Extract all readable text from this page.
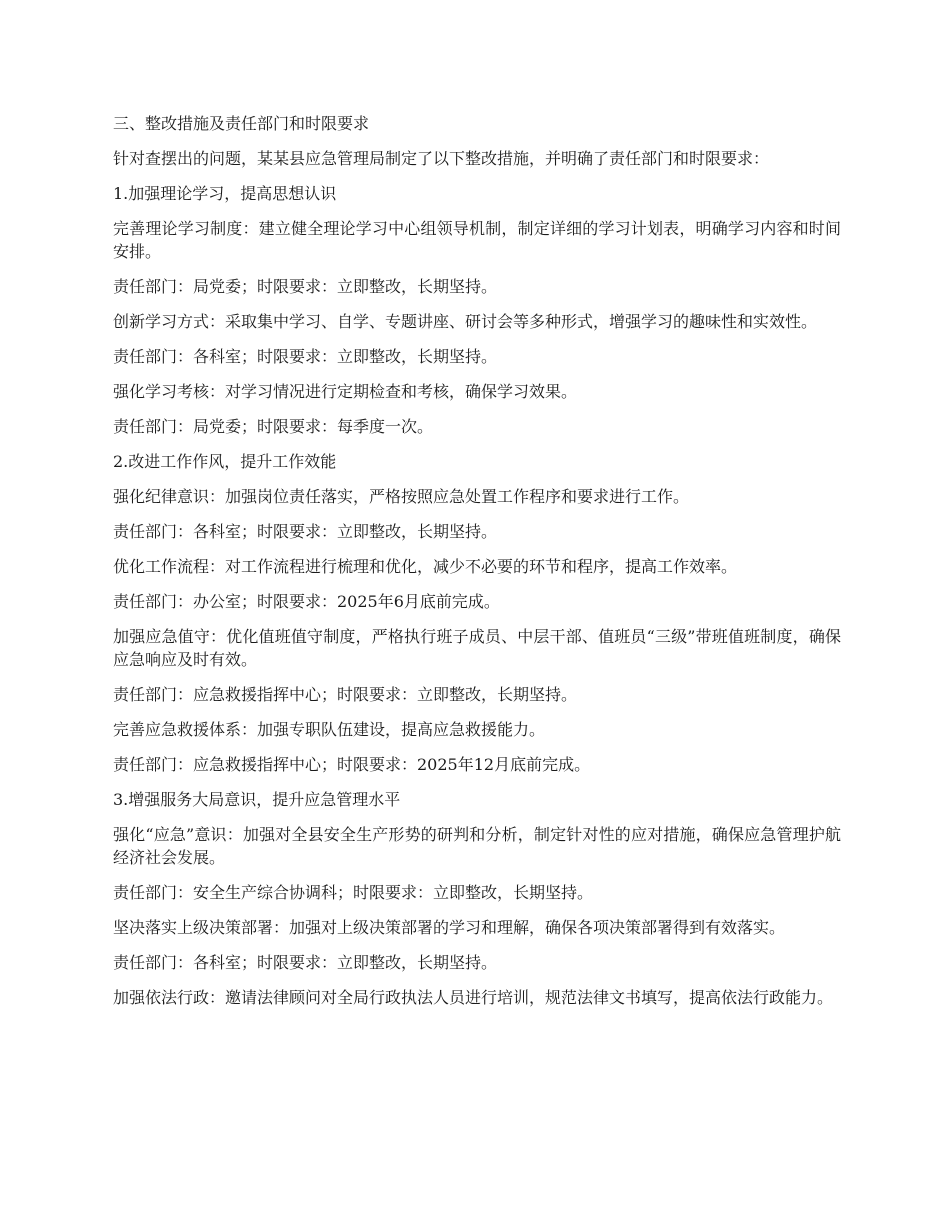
三、整改措施及责任部门和时限要求

针对查摆出的问题，某某县应急管理局制定了以下整改措施，并明确了责任部门和时限要求：

1.加强理论学习，提高思想认识

完善理论学习制度：建立健全理论学习中心组领导机制，制定详细的学习计划表，明确学习内容和时间安排。

责任部门：局党委；时限要求：立即整改，长期坚持。

创新学习方式：采取集中学习、自学、专题讲座、研讨会等多种形式，增强学习的趣味性和实效性。

责任部门：各科室；时限要求：立即整改，长期坚持。

强化学习考核：对学习情况进行定期检查和考核，确保学习效果。

责任部门：局党委；时限要求：每季度一次。

2.改进工作作风，提升工作效能

强化纪律意识：加强岗位责任落实，严格按照应急处置工作程序和要求进行工作。

责任部门：各科室；时限要求：立即整改，长期坚持。

优化工作流程：对工作流程进行梳理和优化，减少不必要的环节和程序，提高工作效率。

责任部门：办公室；时限要求：2025年6月底前完成。

加强应急值守：优化值班值守制度，严格执行班子成员、中层干部、值班员“三级”带班值班制度，确保应急响应及时有效。

责任部门：应急救援指挥中心；时限要求：立即整改，长期坚持。

完善应急救援体系：加强专职队伍建设，提高应急救援能力。

责任部门：应急救援指挥中心；时限要求：2025年12月底前完成。

3.增强服务大局意识，提升应急管理水平

强化“应急”意识：加强对全县安全生产形势的研判和分析，制定针对性的应对措施，确保应急管理护航经济社会发展。

责任部门：安全生产综合协调科；时限要求：立即整改，长期坚持。

坚决落实上级决策部署：加强对上级决策部署的学习和理解，确保各项决策部署得到有效落实。

责任部门：各科室；时限要求：立即整改，长期坚持。

加强依法行政：邀请法律顾问对全局行政执法人员进行培训，规范法律文书填写，提高依法行政能力。
